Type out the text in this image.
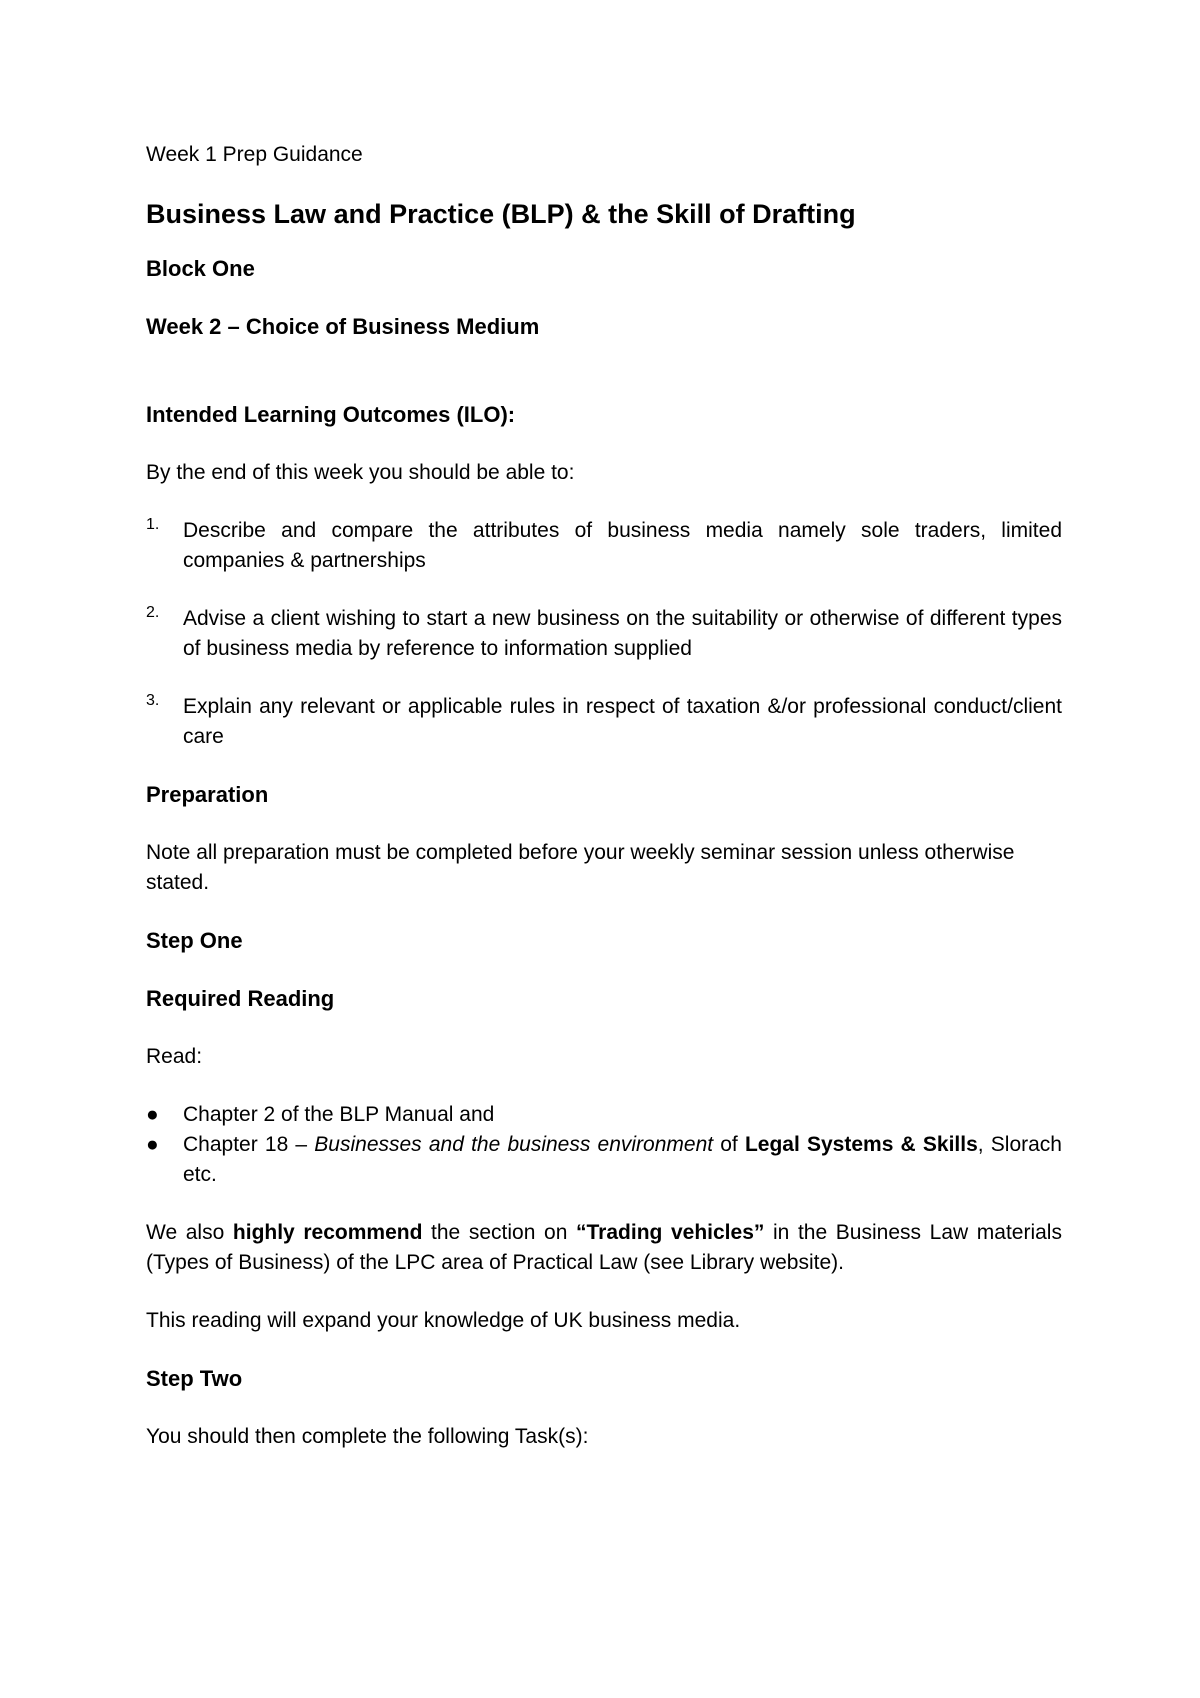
Week 1 Prep Guidance

Business Law and Practice (BLP) & the Skill of Drafting
Block One
Week 2 – Choice of Business Medium
Intended Learning Outcomes (ILO):

By the end of this week you should be able to:

1. Describe and compare the attributes of business media namely sole traders, limited companies & partnerships
2. Advise a client wishing to start a new business on the suitability or otherwise of different types of business media by reference to information supplied
3. Explain any relevant or applicable rules in respect of taxation &/or professional conduct/client care
Preparation

Note all preparation must be completed before your weekly seminar session unless otherwise stated.

Step One
Required Reading

Read:

● Chapter 2 of the BLP Manual and
● Chapter 18 – Businesses and the business environment of Legal Systems & Skills, Slorach etc.

We also highly recommend the section on “Trading vehicles” in the Business Law materials (Types of Business) of the LPC area of Practical Law (see Library website).

This reading will expand your knowledge of UK business media.

Step Two

You should then complete the following Task(s):
